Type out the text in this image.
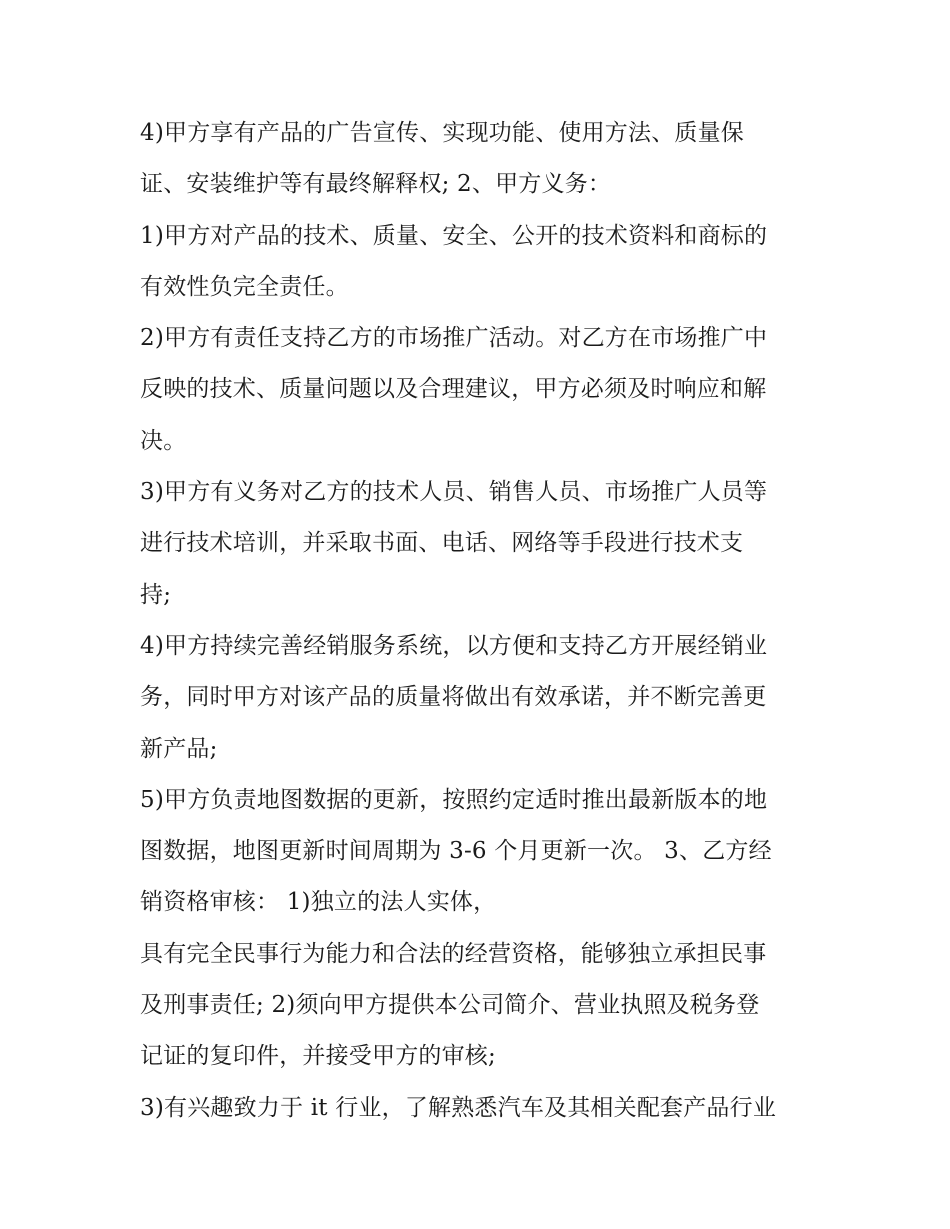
4)甲方享有产品的广告宣传、实现功能、使用方法、质量保
证、安装维护等有最终解释权; 2、甲方义务：
1)甲方对产品的技术、质量、安全、公开的技术资料和商标的
有效性负完全责任。
2)甲方有责任支持乙方的市场推广活动。对乙方在市场推广中
反映的技术、质量问题以及合理建议，甲方必须及时响应和解
决。
3)甲方有义务对乙方的技术人员、销售人员、市场推广人员等
进行技术培训，并采取书面、电话、网络等手段进行技术支
持;
4)甲方持续完善经销服务系统，以方便和支持乙方开展经销业
务，同时甲方对该产品的质量将做出有效承诺，并不断完善更
新产品;
5)甲方负责地图数据的更新，按照约定适时推出最新版本的地
图数据，地图更新时间周期为 3-6 个月更新一次。 3、乙方经
销资格审核： 1)独立的法人实体，
具有完全民事行为能力和合法的经营资格，能够独立承担民事
及刑事责任; 2)须向甲方提供本公司简介、营业执照及税务登
记证的复印件，并接受甲方的审核;
3)有兴趣致力于 it 行业，了解熟悉汽车及其相关配套产品行业
